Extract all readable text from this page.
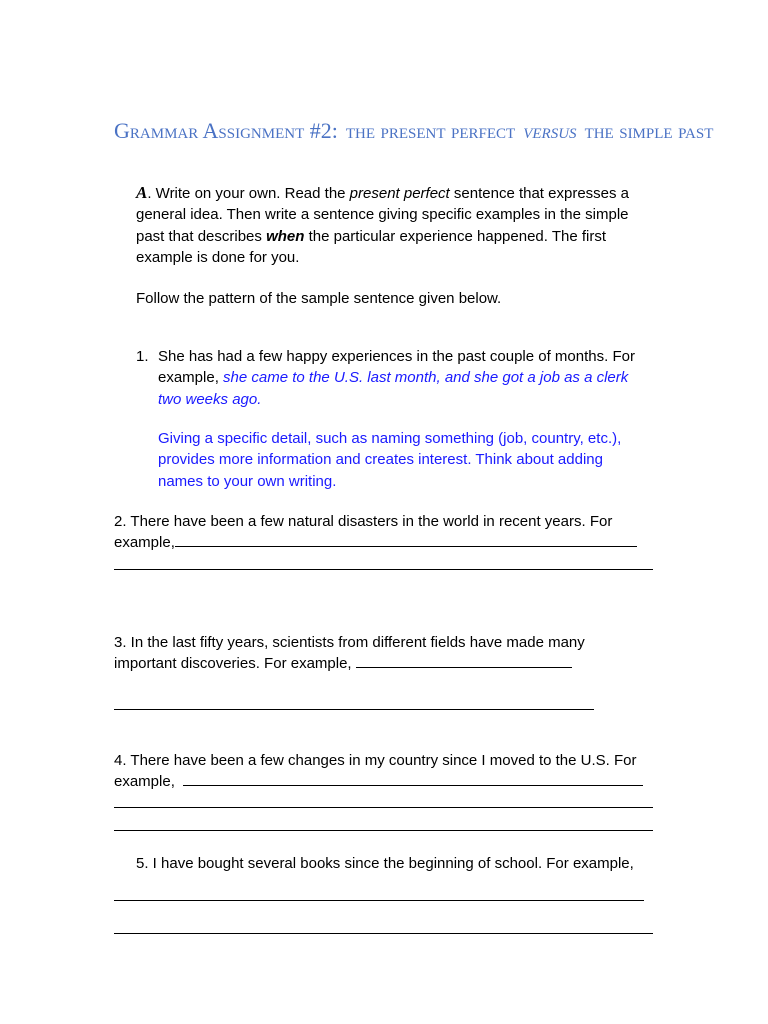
Grammar Assignment #2: the present perfect versus the simple past

A. Write on your own. Read the present perfect sentence that expresses a general idea. Then write a sentence giving specific examples in the simple past that describes when the particular experience happened. The first example is done for you.

Follow the pattern of the sample sentence given below.

1. She has had a few happy experiences in the past couple of months. For example, she came to the U.S. last month, and she got a job as a clerk two weeks ago.

Giving a specific detail, such as naming something (job, country, etc.), provides more information and creates interest. Think about adding names to your own writing.

2. There have been a few natural disasters in the world in recent years. For

example,

3. In the last fifty years, scientists from different fields have made many

important discoveries. For example,

4. There have been a few changes in my country since I moved to the U.S. For

example,

5. I have bought several books since the beginning of school. For example,
